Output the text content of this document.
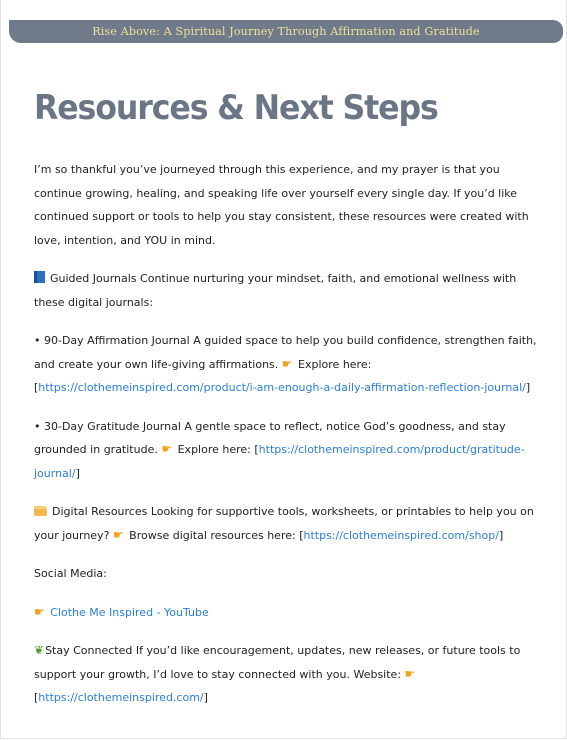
Rise Above: A Spiritual Journey Through Affirmation and Gratitude
Resources & Next Steps

I’m so thankful you’ve journeyed through this experience, and my prayer is that you continue growing, healing, and speaking life over yourself every single day. If you’d like continued support or tools to help you stay consistent, these resources were created with love, intention, and YOU in mind.

Guided Journals Continue nurturing your mindset, faith, and emotional wellness with these digital journals:

• 90-Day Affirmation Journal A guided space to help you build confidence, strengthen faith, and create your own life-giving affirmations. ☛ Explore here:
[https://clothemeinspired.com/product/i-am-enough-a-daily-affirmation-reflection-journal/]

• 30-Day Gratitude Journal A gentle space to reflect, notice God’s goodness, and stay grounded in gratitude. ☛ Explore here: [https://clothemeinspired.com/product/gratitude-journal/]

Digital Resources Looking for supportive tools, worksheets, or printables to help you on your journey? ☛ Browse digital resources here: [https://clothemeinspired.com/shop/]

Social Media:

☛ Clothe Me Inspired - YouTube

❦Stay Connected If you’d like encouragement, updates, new releases, or future tools to support your growth, I’d love to stay connected with you. Website: ☛ [https://clothemeinspired.com/]
